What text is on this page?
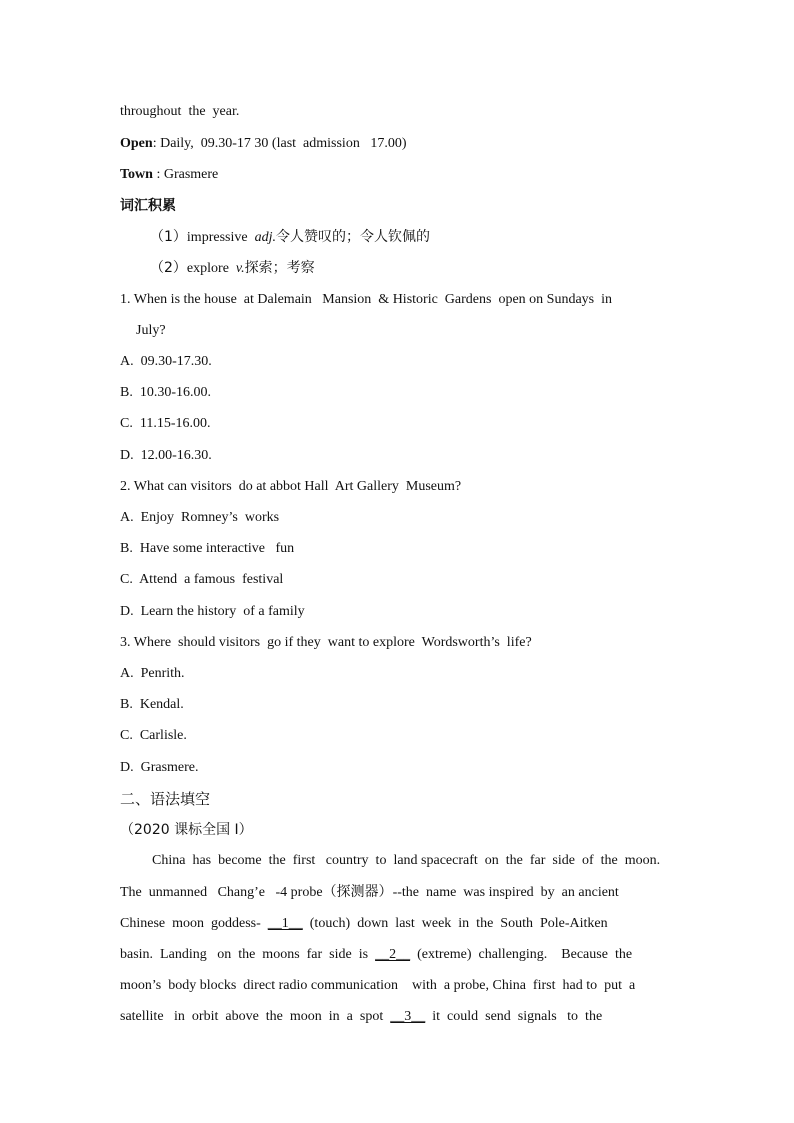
throughout  the  year.
Open: Daily,  09.30-17 30 (last  admission   17.00)
Town : Grasmere
词汇积累
（1）impressive  adj.令人赞叹的；令人钦佩的
（2）explore  v.探索；考察
1. When is the house  at Dalemain   Mansion  & Historic  Gardens  open on Sundays  in
July?
A.  09.30-17.30.
B.  10.30-16.00.
C.  11.15-16.00.
D.  12.00-16.30.
2. What can visitors  do at abbot Hall  Art Gallery  Museum?
A.  Enjoy  Romney’s  works
B.  Have some interactive   fun
C.  Attend  a famous  festival
D.  Learn the history  of a family
3. Where  should visitors  go if they  want to explore  Wordsworth’s  life?
A.  Penrith.
B.  Kendal.
C.  Carlisle.
D.  Grasmere.
二、语法填空
（2020 课标全国 I）
China  has  become  the  first   country  to  land spacecraft  on  the  far  side  of  the  moon.
The  unmanned   Chang’e   -4 probe（探测器）--the  name  was inspired  by  an ancient
Chinese  moon  goddess-  __1__  (touch)  down  last  week  in  the  South  Pole-Aitken
basin.  Landing   on  the  moons  far  side  is  __2__  (extreme)  challenging.    Because  the
moon’s  body blocks  direct radio communication    with  a probe, China  first  had to  put  a
satellite   in  orbit  above  the  moon  in  a  spot  __3__  it  could  send  signals   to  the
